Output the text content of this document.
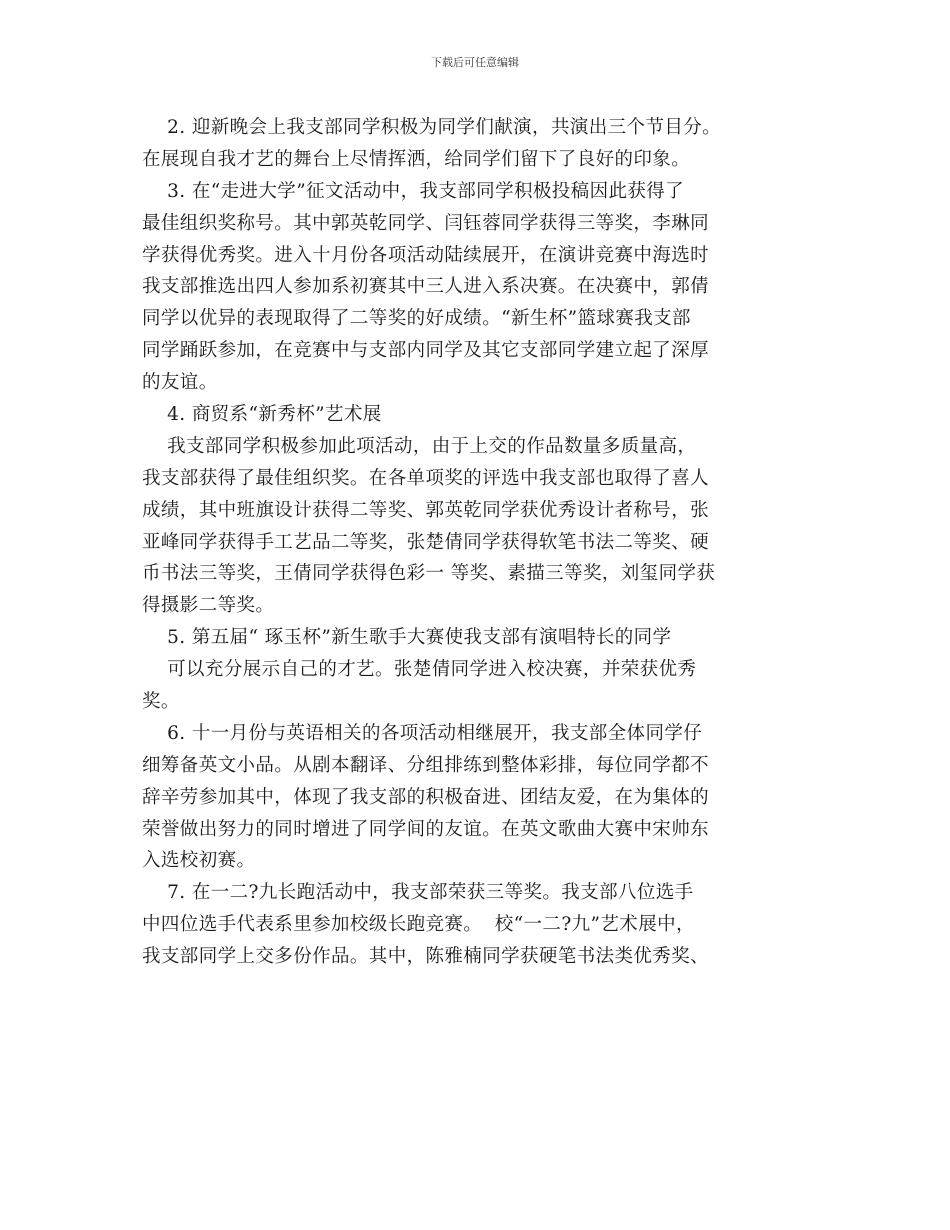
下载后可任意编辑
2. 迎新晚会上我支部同学积极为同学们献演，共演出三个节目分。
在展现自我才艺的舞台上尽情挥洒，给同学们留下了良好的印象。
3. 在“走进大学”征文活动中，我支部同学积极投稿因此获得了
最佳组织奖称号。其中郭英乾同学、闫钰蓉同学获得三等奖，李琳同
学获得优秀奖。进入十月份各项活动陆续展开，在演讲竞赛中海选时
我支部推选出四人参加系初赛其中三人进入系决赛。在决赛中，郭倩
同学以优异的表现取得了二等奖的好成绩。“新生杯”篮球赛我支部
同学踊跃参加，在竞赛中与支部内同学及其它支部同学建立起了深厚
的友谊。
4. 商贸系“新秀杯”艺术展
我支部同学积极参加此项活动，由于上交的作品数量多质量高，
我支部获得了最佳组织奖。在各单项奖的评选中我支部也取得了喜人
成绩，其中班旗设计获得二等奖、郭英乾同学获优秀设计者称号，张
亚峰同学获得手工艺品二等奖，张楚倩同学获得软笔书法二等奖、硬
币书法三等奖，王倩同学获得色彩一 等奖、素描三等奖，刘玺同学获
得摄影二等奖。
5. 第五届“ 琢玉杯”新生歌手大赛使我支部有演唱特长的同学
可以充分展示自己的才艺。张楚倩同学进入校决赛，并荣获优秀
奖。
6. 十一月份与英语相关的各项活动相继展开，我支部全体同学仔
细筹备英文小品。从剧本翻译、分组排练到整体彩排，每位同学都不
辞辛劳参加其中，体现了我支部的积极奋进、团结友爱，在为集体的
荣誉做出努力的同时增进了同学间的友谊。在英文歌曲大赛中宋帅东
入选校初赛。
7. 在一二?九长跑活动中，我支部荣获三等奖。我支部八位选手
中四位选手代表系里参加校级长跑竞赛。  校“一二?九”艺术展中，
我支部同学上交多份作品。其中，陈雅楠同学获硬笔书法类优秀奖、
